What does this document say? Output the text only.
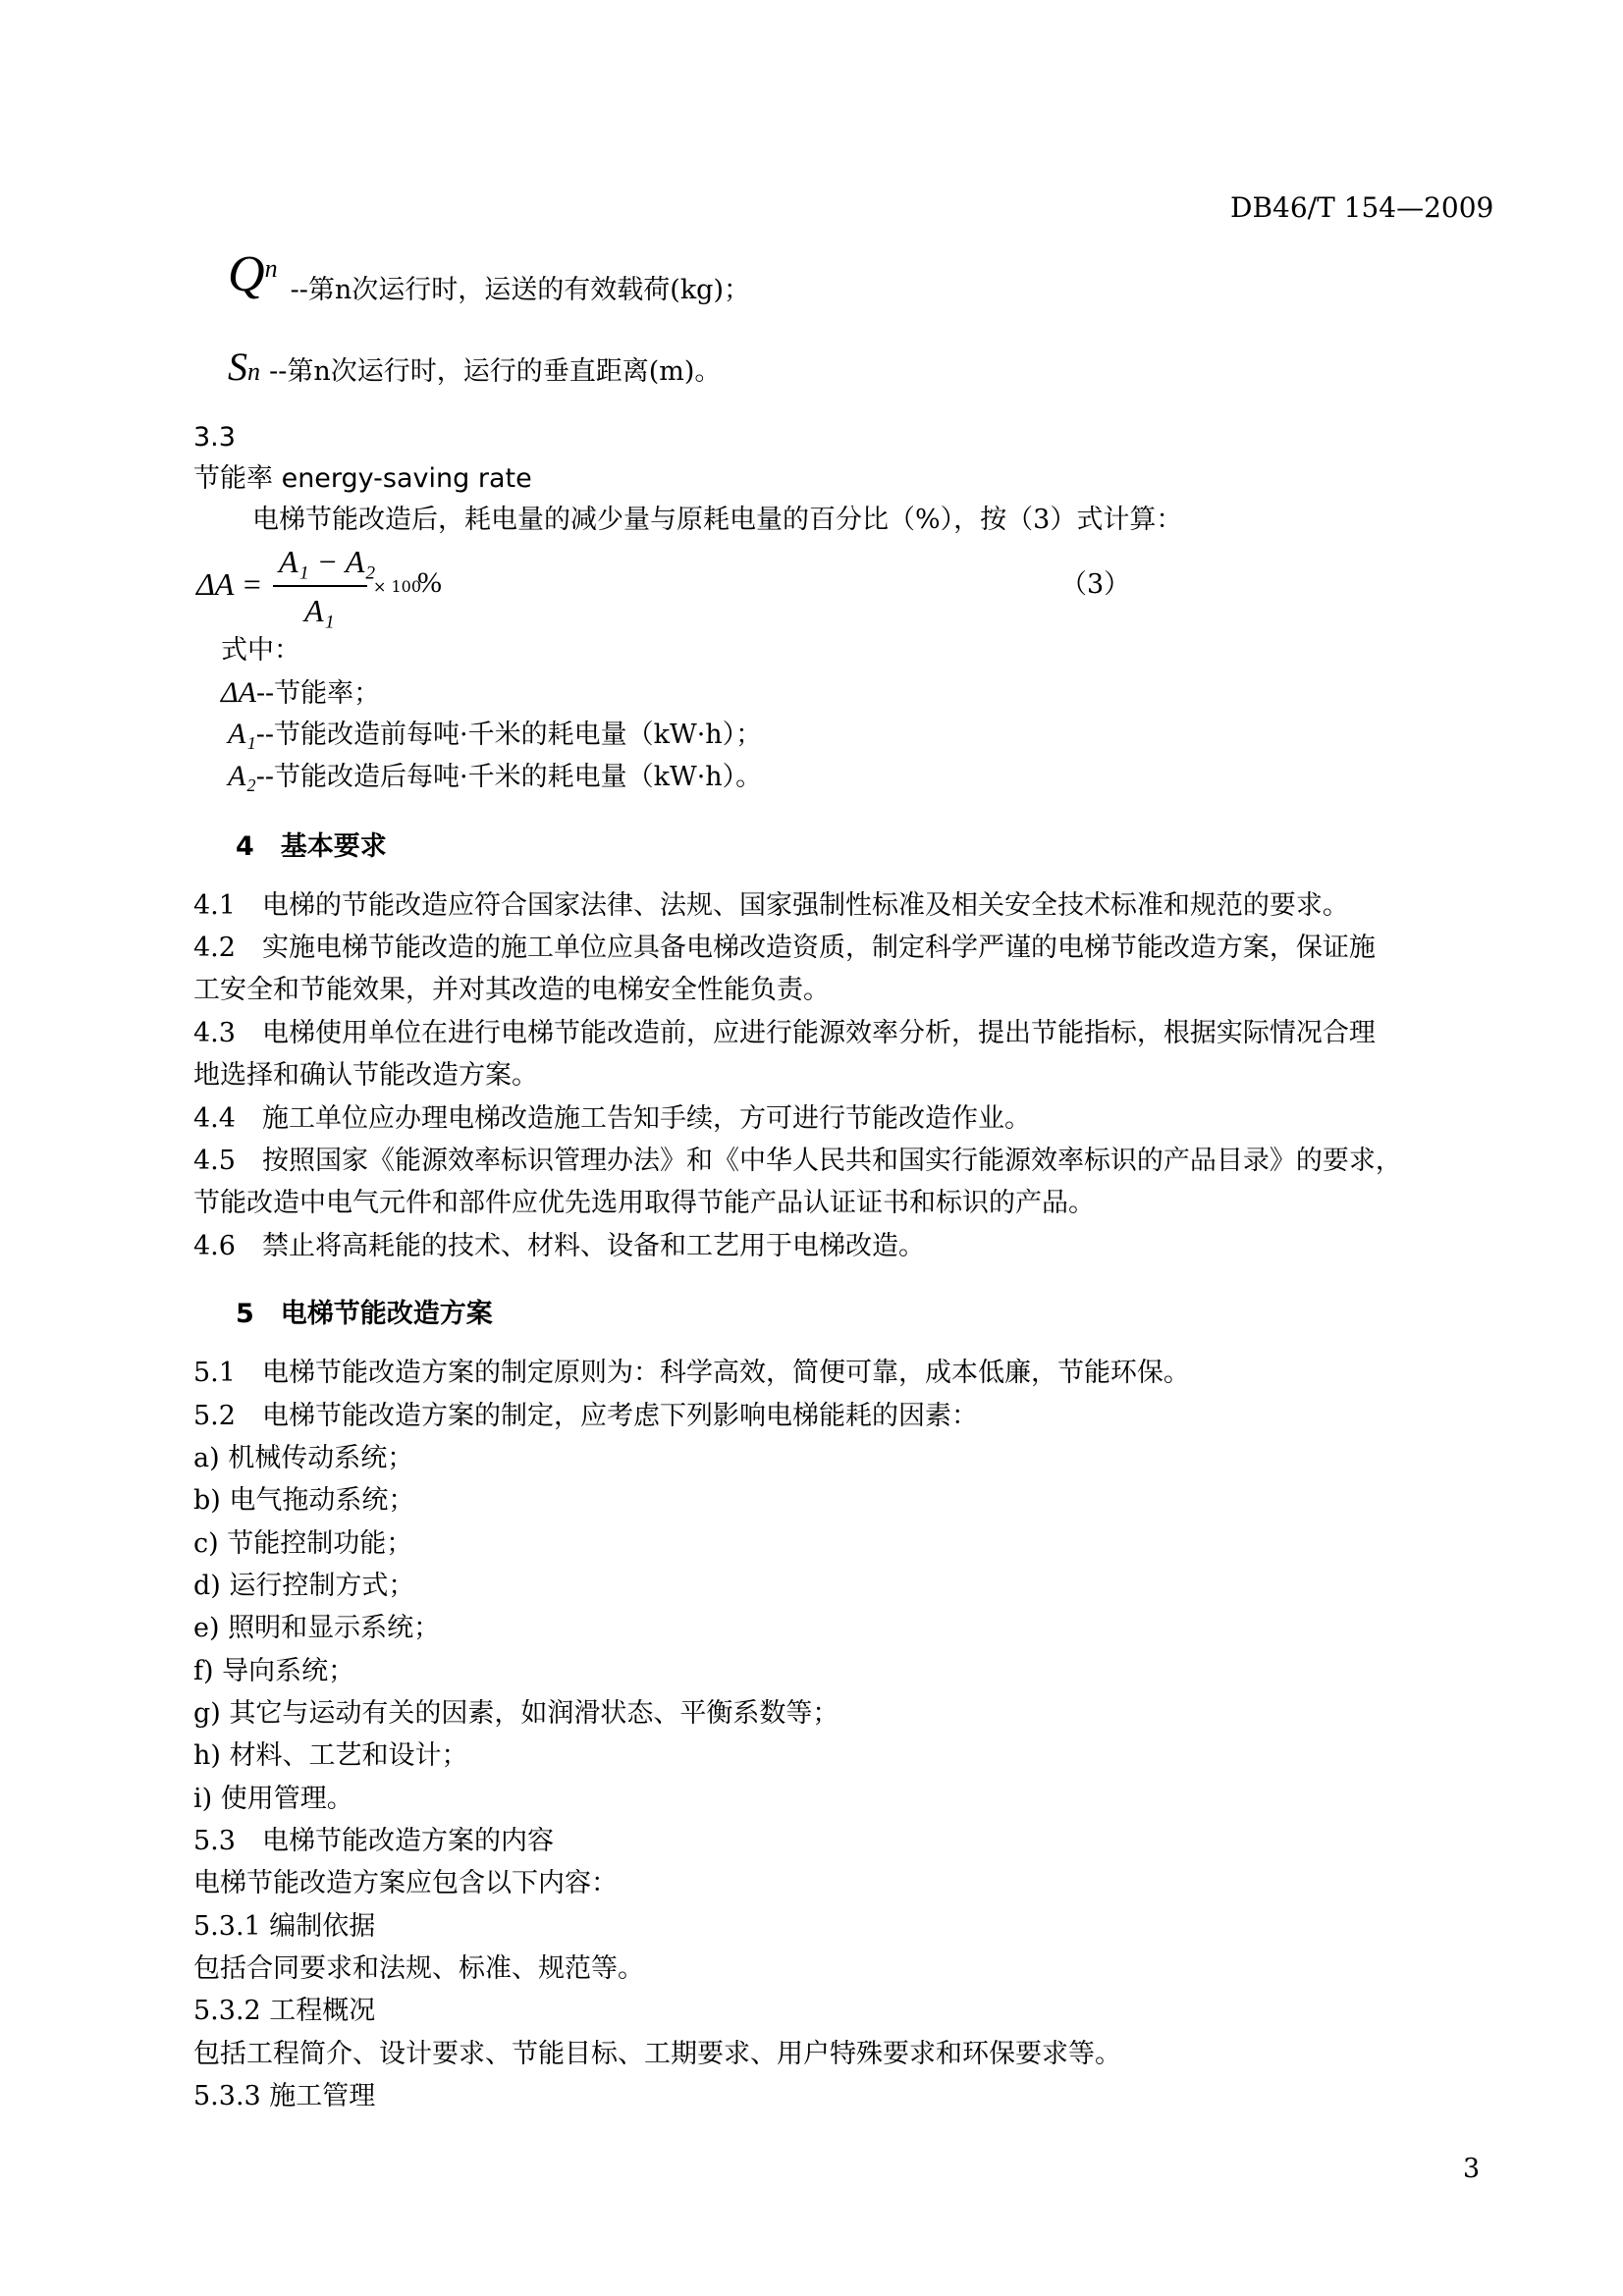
DB46/T 154—2009
Qn --第n次运行时，运送的有效载荷(kg)；
Sn --第n次运行时，运行的垂直距离(m)。
3.3
节能率 energy-saving rate
电梯节能改造后，耗电量的减少量与原耗电量的百分比（%），按（3）式计算：
ΔA =
A₁ − A₂
A₁
× 100
%	（3）
式中：
ΔA--节能率；
A₁--节能改造前每吨·千米的耗电量（kW·h）；
A₂--节能改造后每吨·千米的耗电量（kW·h）。
4　基本要求
4.1　电梯的节能改造应符合国家法律、法规、国家强制性标准及相关安全技术标准和规范的要求。
4.2　实施电梯节能改造的施工单位应具备电梯改造资质，制定科学严谨的电梯节能改造方案，保证施
工安全和节能效果，并对其改造的电梯安全性能负责。
4.3　电梯使用单位在进行电梯节能改造前，应进行能源效率分析，提出节能指标，根据实际情况合理
地选择和确认节能改造方案。
4.4　施工单位应办理电梯改造施工告知手续，方可进行节能改造作业。
4.5　按照国家《能源效率标识管理办法》和《中华人民共和国实行能源效率标识的产品目录》的要求，
节能改造中电气元件和部件应优先选用取得节能产品认证证书和标识的产品。
4.6　禁止将高耗能的技术、材料、设备和工艺用于电梯改造。
5　电梯节能改造方案
5.1　电梯节能改造方案的制定原则为：科学高效，简便可靠，成本低廉，节能环保。
5.2　电梯节能改造方案的制定，应考虑下列影响电梯能耗的因素：
a) 机械传动系统；
b) 电气拖动系统；
c) 节能控制功能；
d) 运行控制方式；
e) 照明和显示系统；
f) 导向系统；
g) 其它与运动有关的因素，如润滑状态、平衡系数等；
h) 材料、工艺和设计；
i) 使用管理。
5.3　电梯节能改造方案的内容
电梯节能改造方案应包含以下内容：
5.3.1 编制依据
包括合同要求和法规、标准、规范等。
5.3.2 工程概况
包括工程简介、设计要求、节能目标、工期要求、用户特殊要求和环保要求等。
5.3.3 施工管理
3
